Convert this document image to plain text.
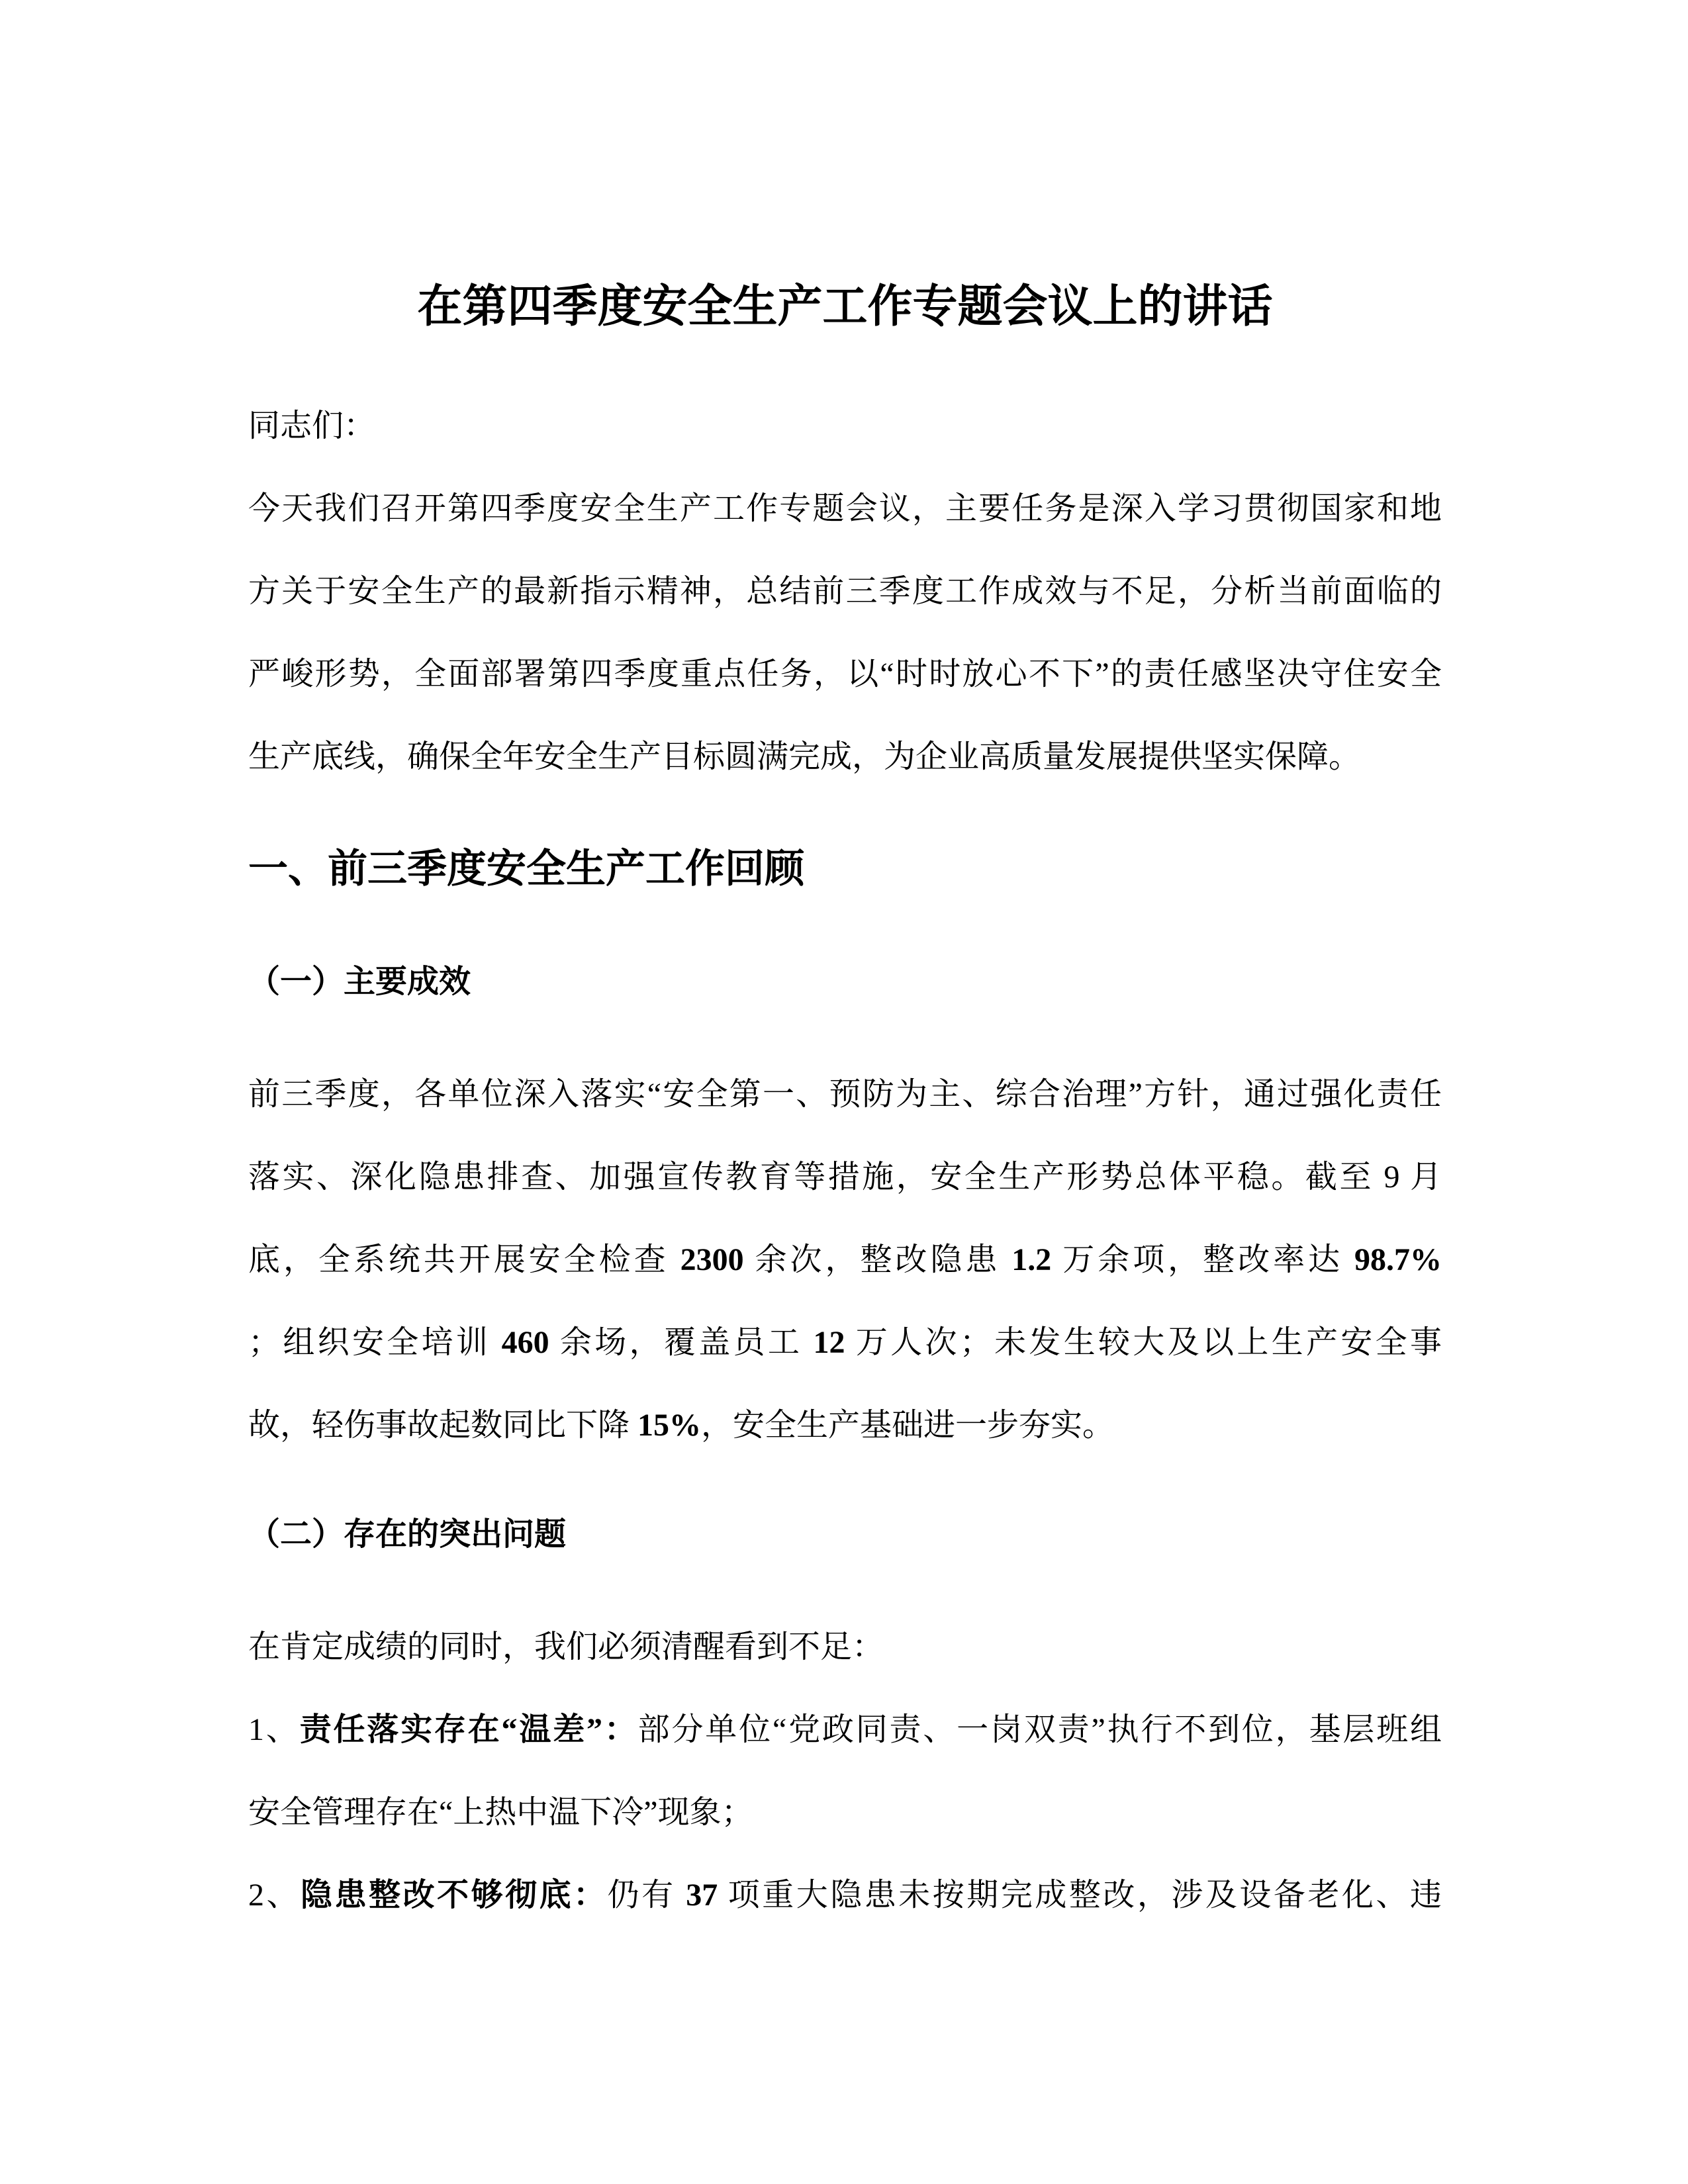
在第四季度安全生产工作专题会议上的讲话
同志们：
今天我们召开第四季度安全生产工作专题会议，主要任务是深入学习贯彻国家和地
方关于安全生产的最新指示精神，总结前三季度工作成效与不足，分析当前面临的
严峻形势，全面部署第四季度重点任务，以“时时放心不下”的责任感坚决守住安全
生产底线，确保全年安全生产目标圆满完成，为企业高质量发展提供坚实保障。
一、前三季度安全生产工作回顾
（一）主要成效
前三季度，各单位深入落实“安全第一、预防为主、综合治理”方针，通过强化责任
落实、深化隐患排查、加强宣传教育等措施，安全生产形势总体平稳。截至 9 月
底，全系统共开展安全检查 2300 余次，整改隐患 1.2 万余项，整改率达 98.7%
；组织安全培训 460 余场，覆盖员工 12 万人次；未发生较大及以上生产安全事
故，轻伤事故起数同比下降 15%，安全生产基础进一步夯实。
（二）存在的突出问题
在肯定成绩的同时，我们必须清醒看到不足：
1、责任落实存在“温差”：部分单位“党政同责、一岗双责”执行不到位，基层班组
安全管理存在“上热中温下冷”现象；
2、隐患整改不够彻底：仍有 37 项重大隐患未按期完成整改，涉及设备老化、违
